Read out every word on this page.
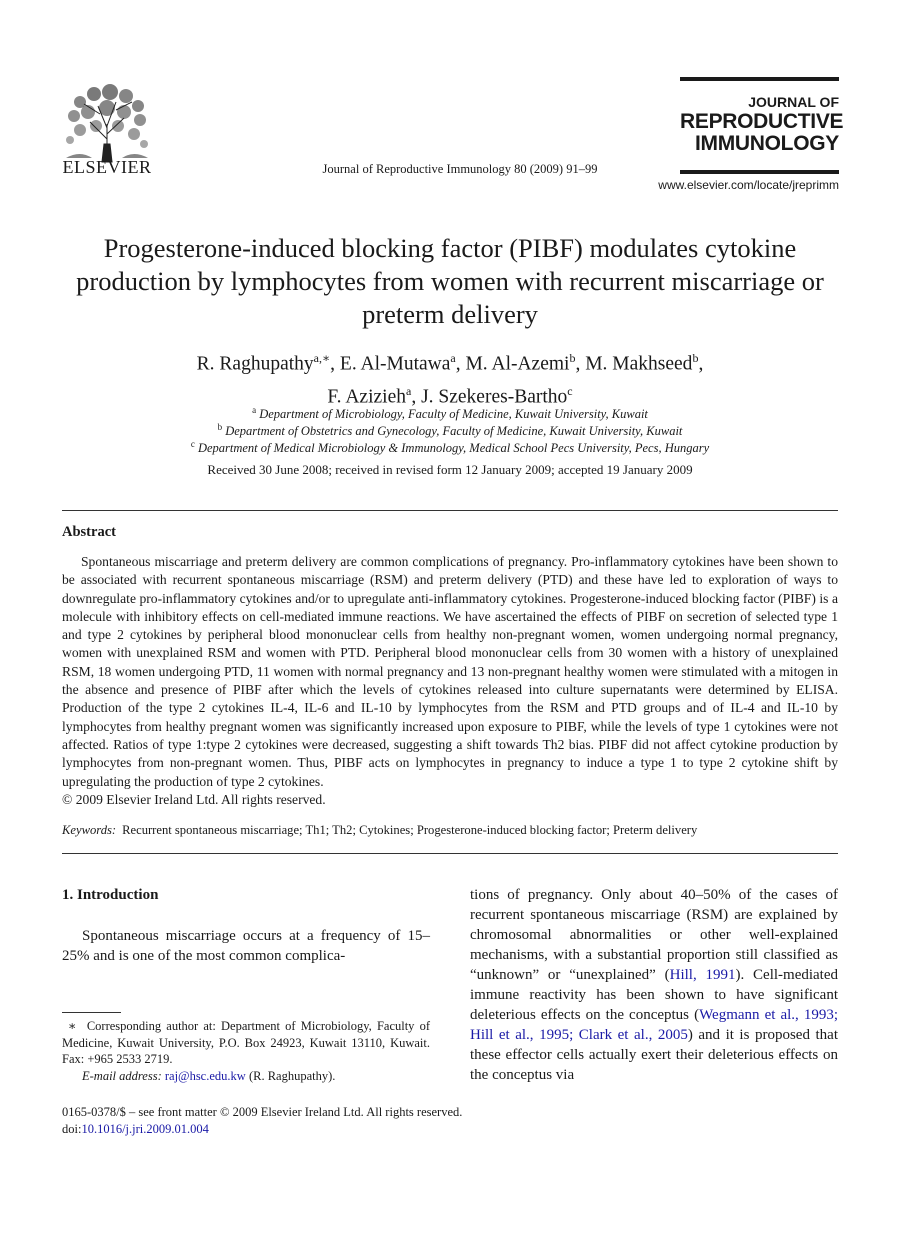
ELSEVIER	Journal of Reproductive Immunology 80 (2009) 91–99
JOURNAL OF
REPRODUCTIVE
IMMUNOLOGY
www.elsevier.com/locate/jreprimm
Progesterone-induced blocking factor (PIBF) modulates cytokine production by lymphocytes from women with recurrent miscarriage or preterm delivery
R. Raghupathy$^{a,∗}$, E. Al-Mutawa$^a$, M. Al-Azemi$^b$, M. Makhseed$^b$,
F. Azizieh$^a$, J. Szekeres-Bartho$^c$
$^a$ Department of Microbiology, Faculty of Medicine, Kuwait University, Kuwait
$^b$ Department of Obstetrics and Gynecology, Faculty of Medicine, Kuwait University, Kuwait
$^c$ Department of Medical Microbiology & Immunology, Medical School Pecs University, Pecs, Hungary
Received 30 June 2008; received in revised form 12 January 2009; accepted 19 January 2009
Abstract
Spontaneous miscarriage and preterm delivery are common complications of pregnancy. Pro-inflammatory cytokines have been shown to be associated with recurrent spontaneous miscarriage (RSM) and preterm delivery (PTD) and these have led to exploration of ways to downregulate pro-inflammatory cytokines and/or to upregulate anti-inflammatory cytokines. Progesterone-induced blocking factor (PIBF) is a molecule with inhibitory effects on cell-mediated immune reactions. We have ascertained the effects of PIBF on secretion of selected type 1 and type 2 cytokines by peripheral blood mononuclear cells from healthy non-pregnant women, women undergoing normal pregnancy, women with unexplained RSM and women with PTD. Peripheral blood mononuclear cells from 30 women with a history of unexplained RSM, 18 women undergoing PTD, 11 women with normal pregnancy and 13 non-pregnant healthy women were stimulated with a mitogen in the absence and presence of PIBF after which the levels of cytokines released into culture supernatants were determined by ELISA. Production of the type 2 cytokines IL-4, IL-6 and IL-10 by lymphocytes from the RSM and PTD groups and of IL-4 and IL-10 by lymphocytes from healthy pregnant women was significantly increased upon exposure to PIBF, while the levels of type 1 cytokines were not affected. Ratios of type 1:type 2 cytokines were decreased, suggesting a shift towards Th2 bias. PIBF did not affect cytokine production by lymphocytes from non-pregnant women. Thus, PIBF acts on lymphocytes in pregnancy to induce a type 1 to type 2 cytokine shift by upregulating the production of type 2 cytokines.
© 2009 Elsevier Ireland Ltd. All rights reserved.
Keywords: Recurrent spontaneous miscarriage; Th1; Th2; Cytokines; Progesterone-induced blocking factor; Preterm delivery
1. Introduction
Spontaneous miscarriage occurs at a frequency of 15–25% and is one of the most common complica-
tions of pregnancy. Only about 40–50% of the cases of recurrent spontaneous miscarriage (RSM) are explained by chromosomal abnormalities or other well-explained mechanisms, with a substantial proportion still classified as “unknown” or “unexplained” (Hill, 1991). Cell-mediated immune reactivity has been shown to have significant deleterious effects on the conceptus (Wegmann et al., 1993; Hill et al., 1995; Clark et al., 2005) and it is proposed that these effector cells actually exert their deleterious effects on the conceptus via
∗ Corresponding author at: Department of Microbiology, Faculty of Medicine, Kuwait University, P.O. Box 24923, Kuwait 13110, Kuwait. Fax: +965 2533 2719.
E-mail address: raj@hsc.edu.kw (R. Raghupathy).
0165-0378/$ – see front matter © 2009 Elsevier Ireland Ltd. All rights reserved.
doi:10.1016/j.jri.2009.01.004
